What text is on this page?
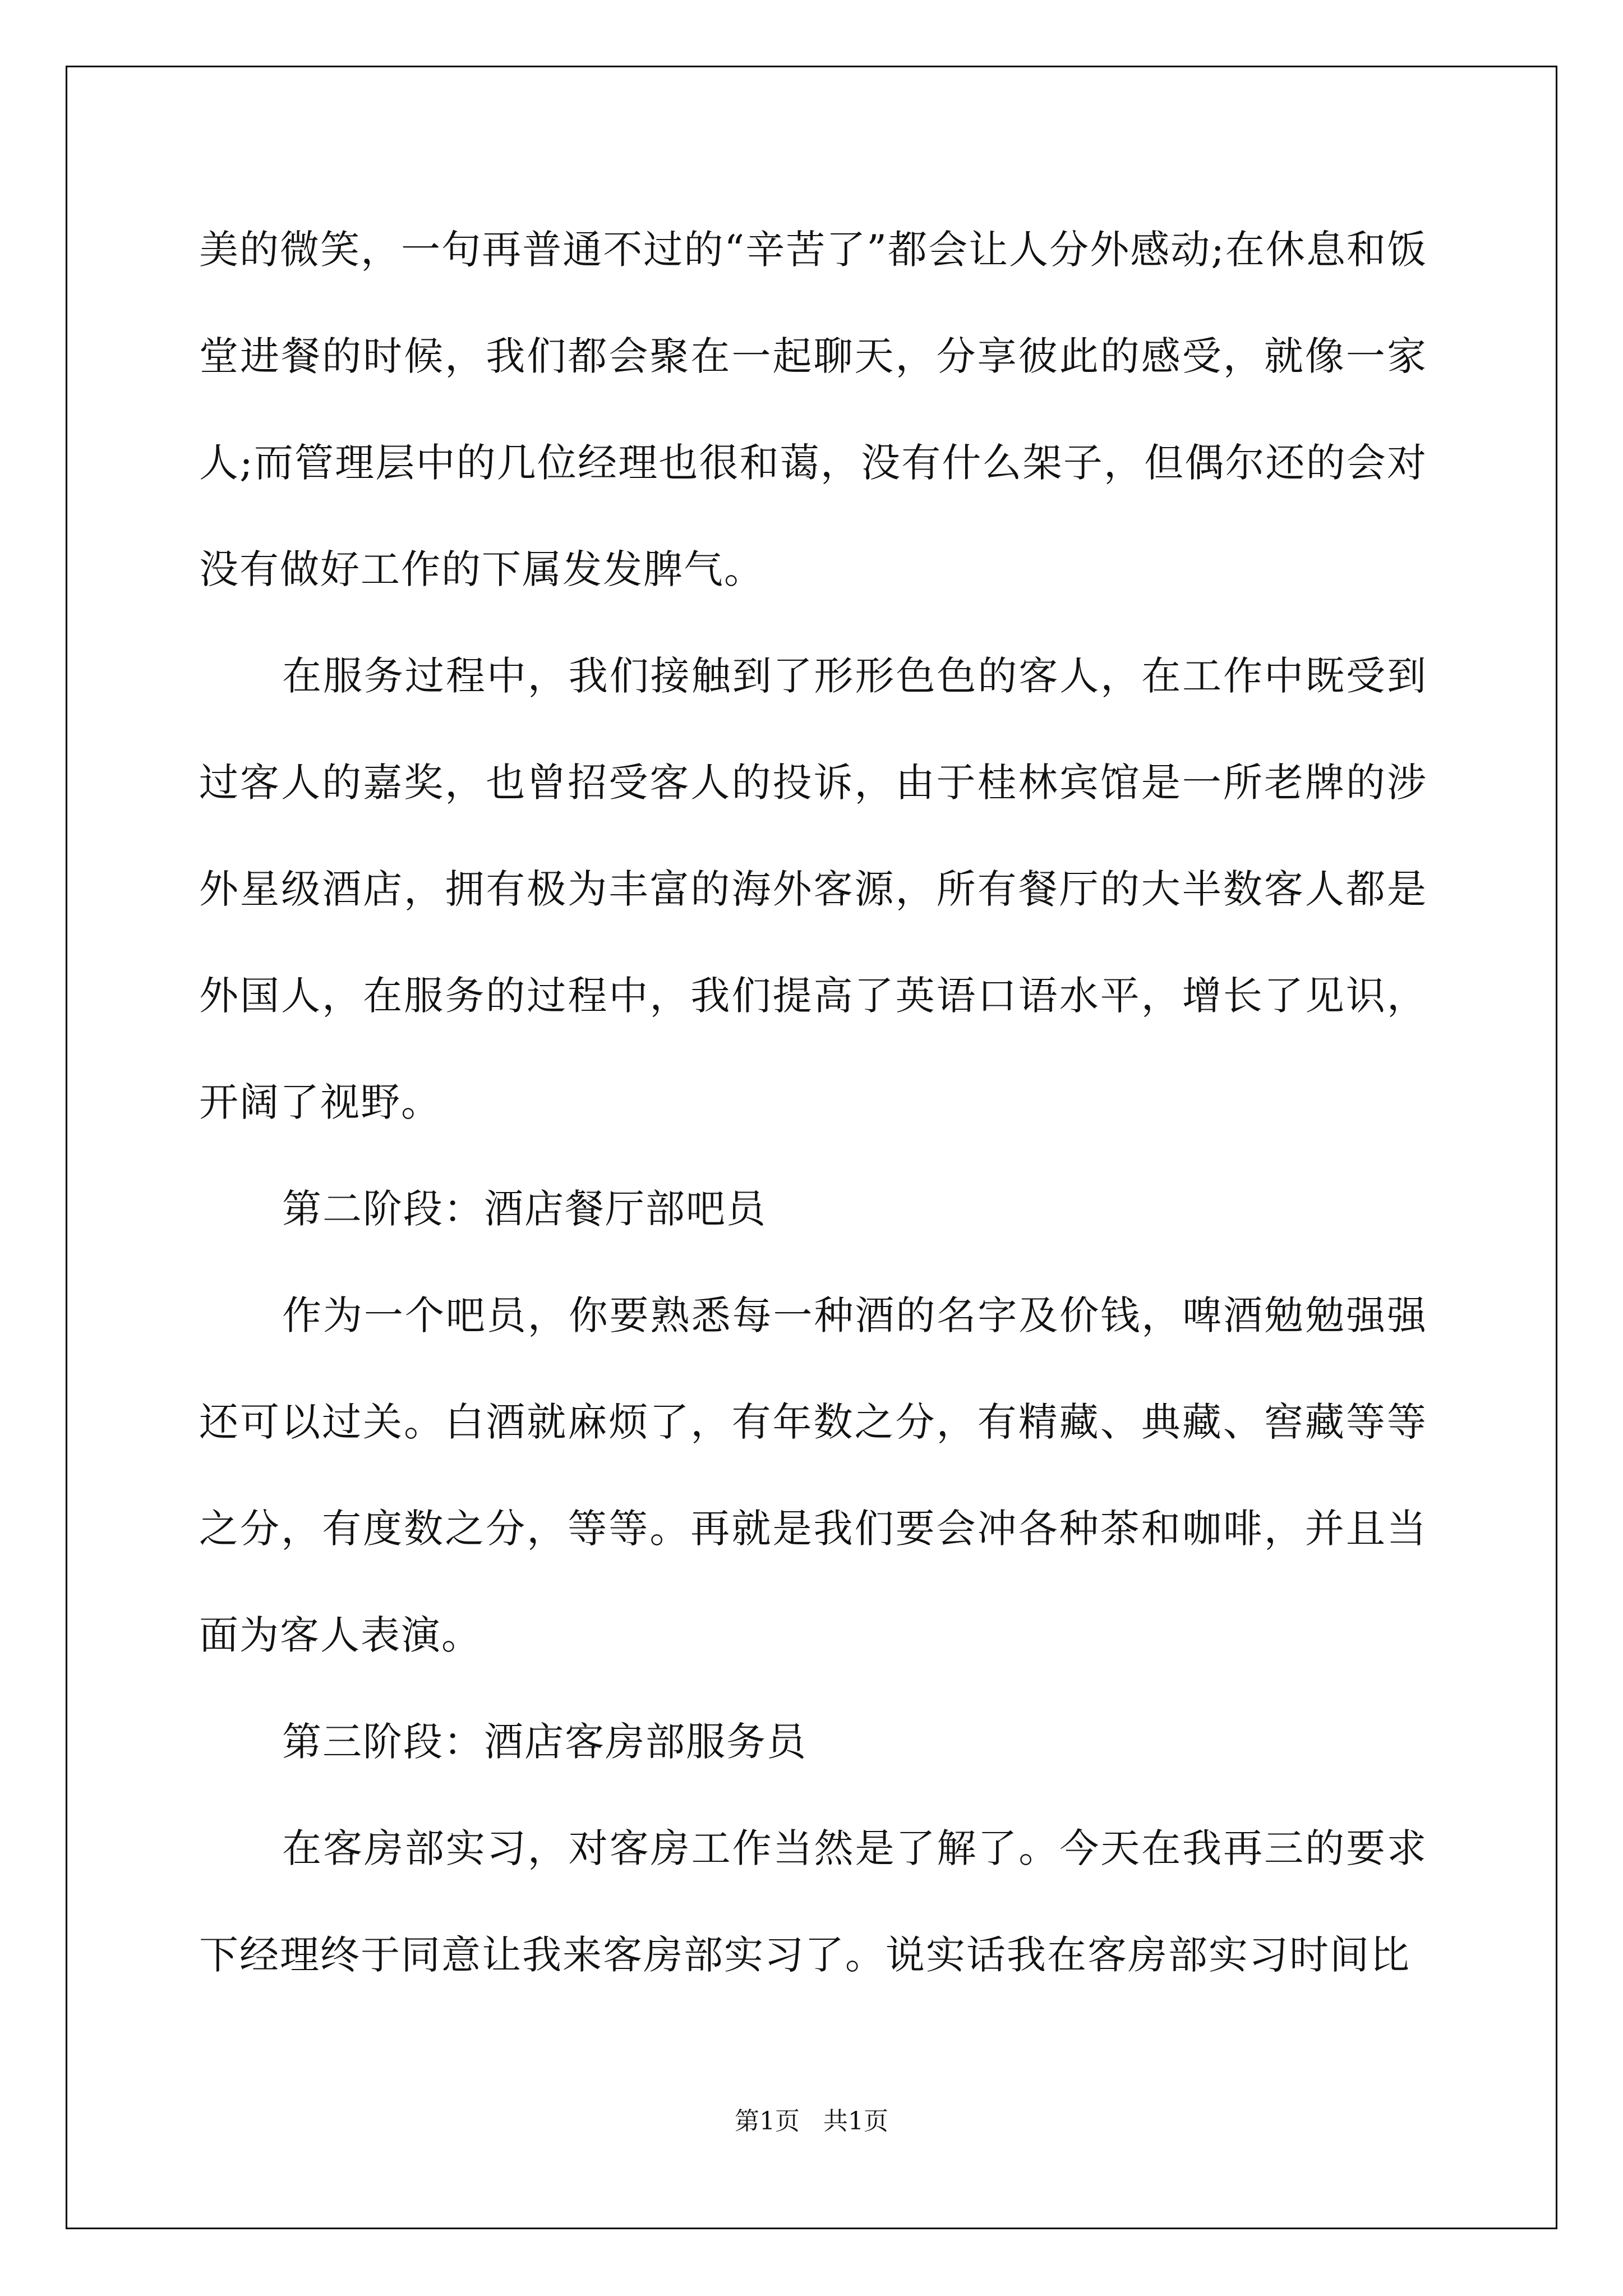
美的微笑，一句再普通不过的“辛苦了”都会让人分外感动;在休息和饭堂进餐的时候，我们都会聚在一起聊天，分享彼此的感受，就像一家人;而管理层中的几位经理也很和蔼，没有什么架子，但偶尔还的会对没有做好工作的下属发发脾气。

在服务过程中，我们接触到了形形色色的客人，在工作中既受到过客人的嘉奖，也曾招受客人的投诉，由于桂林宾馆是一所老牌的涉外星级酒店，拥有极为丰富的海外客源，所有餐厅的大半数客人都是外国人，在服务的过程中，我们提高了英语口语水平，增长了见识，开阔了视野。

第二阶段：酒店餐厅部吧员

作为一个吧员，你要熟悉每一种酒的名字及价钱，啤酒勉勉强强还可以过关。白酒就麻烦了，有年数之分，有精藏、典藏、窖藏等等之分，有度数之分，等等。再就是我们要会冲各种茶和咖啡，并且当面为客人表演。

第三阶段：酒店客房部服务员

在客房部实习，对客房工作当然是了解了。今天在我再三的要求下经理终于同意让我来客房部实习了。说实话我在客房部实习时间比

第1页   共1页
